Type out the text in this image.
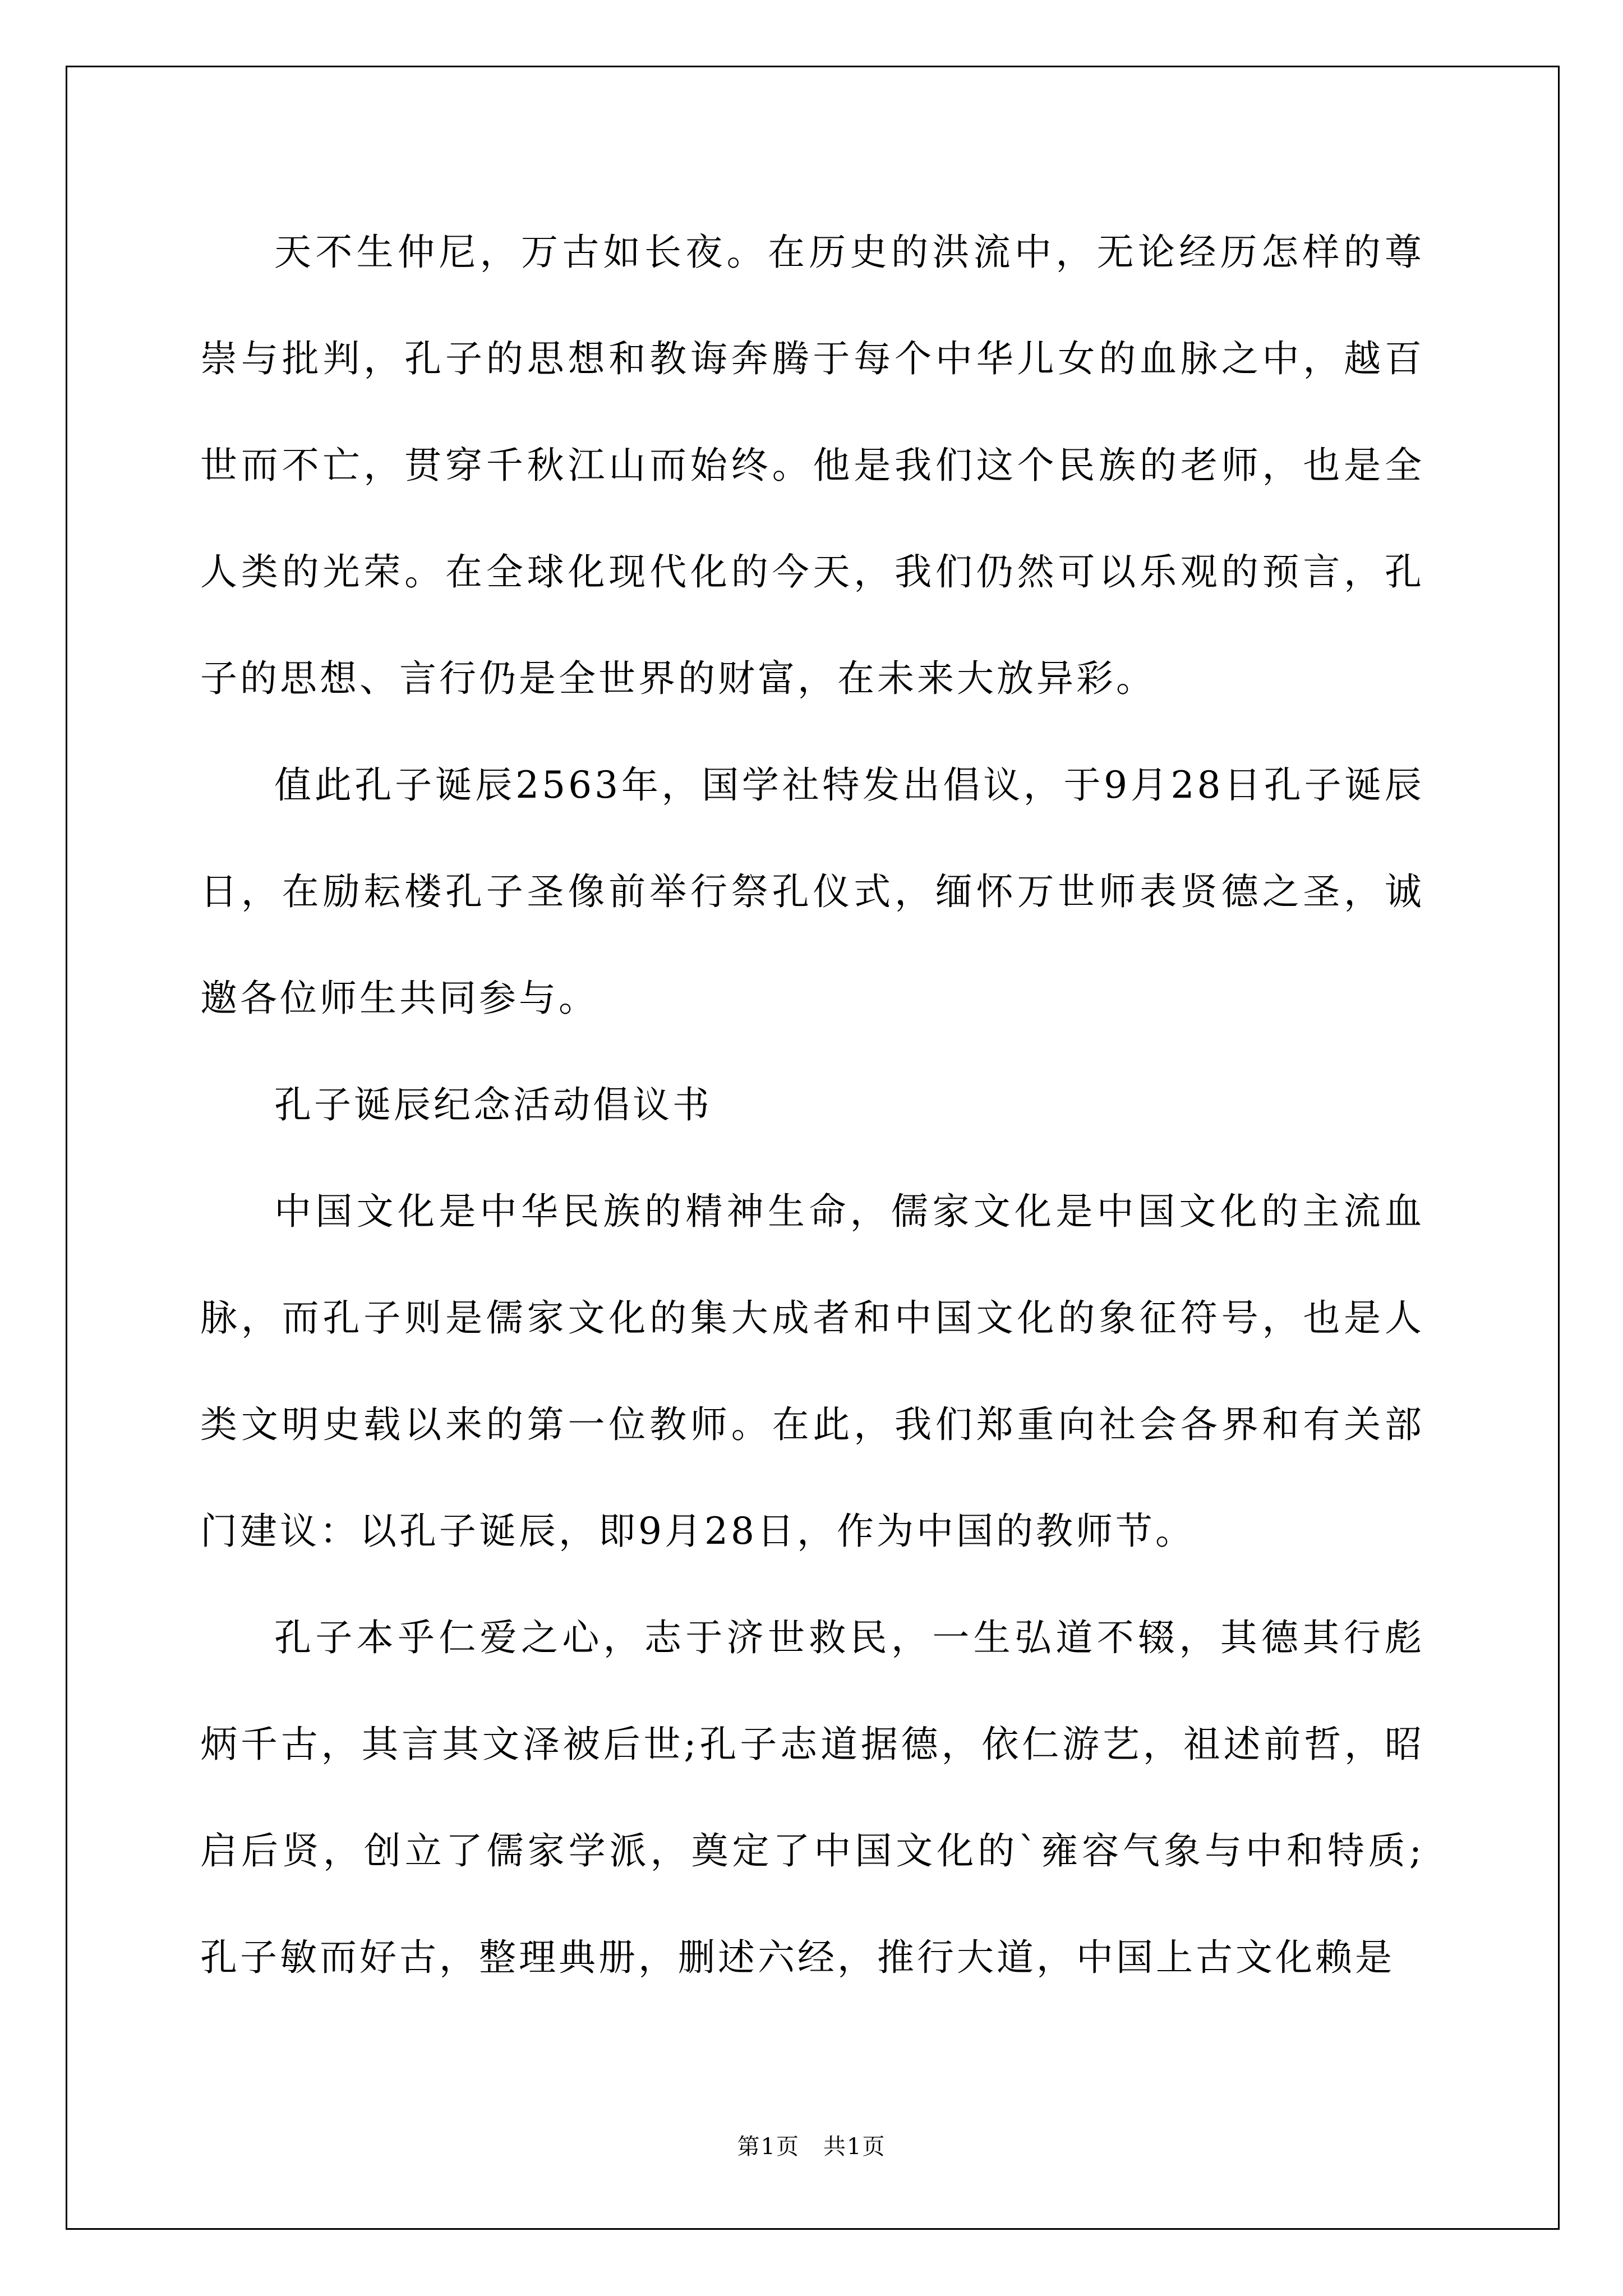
天不生仲尼，万古如长夜。在历史的洪流中，无论经历怎样的尊崇与批判，孔子的思想和教诲奔腾于每个中华儿女的血脉之中，越百世而不亡，贯穿千秋江山而始终。他是我们这个民族的老师，也是全人类的光荣。在全球化现代化的今天，我们仍然可以乐观的预言，孔子的思想、言行仍是全世界的财富，在未来大放异彩。

值此孔子诞辰2563年，国学社特发出倡议，于9月28日孔子诞辰日，在励耘楼孔子圣像前举行祭孔仪式，缅怀万世师表贤德之圣，诚邀各位师生共同参与。

孔子诞辰纪念活动倡议书

中国文化是中华民族的精神生命，儒家文化是中国文化的主流血脉，而孔子则是儒家文化的集大成者和中国文化的象征符号，也是人类文明史载以来的第一位教师。在此，我们郑重向社会各界和有关部门建议：以孔子诞辰，即9月28日，作为中国的教师节。

孔子本乎仁爱之心，志于济世救民，一生弘道不辍，其德其行彪炳千古，其言其文泽被后世;孔子志道据德，依仁游艺，祖述前哲，昭启后贤，创立了儒家学派，奠定了中国文化的`雍容气象与中和特质;孔子敏而好古，整理典册，删述六经，推行大道，中国上古文化赖是

第1页　共1页
